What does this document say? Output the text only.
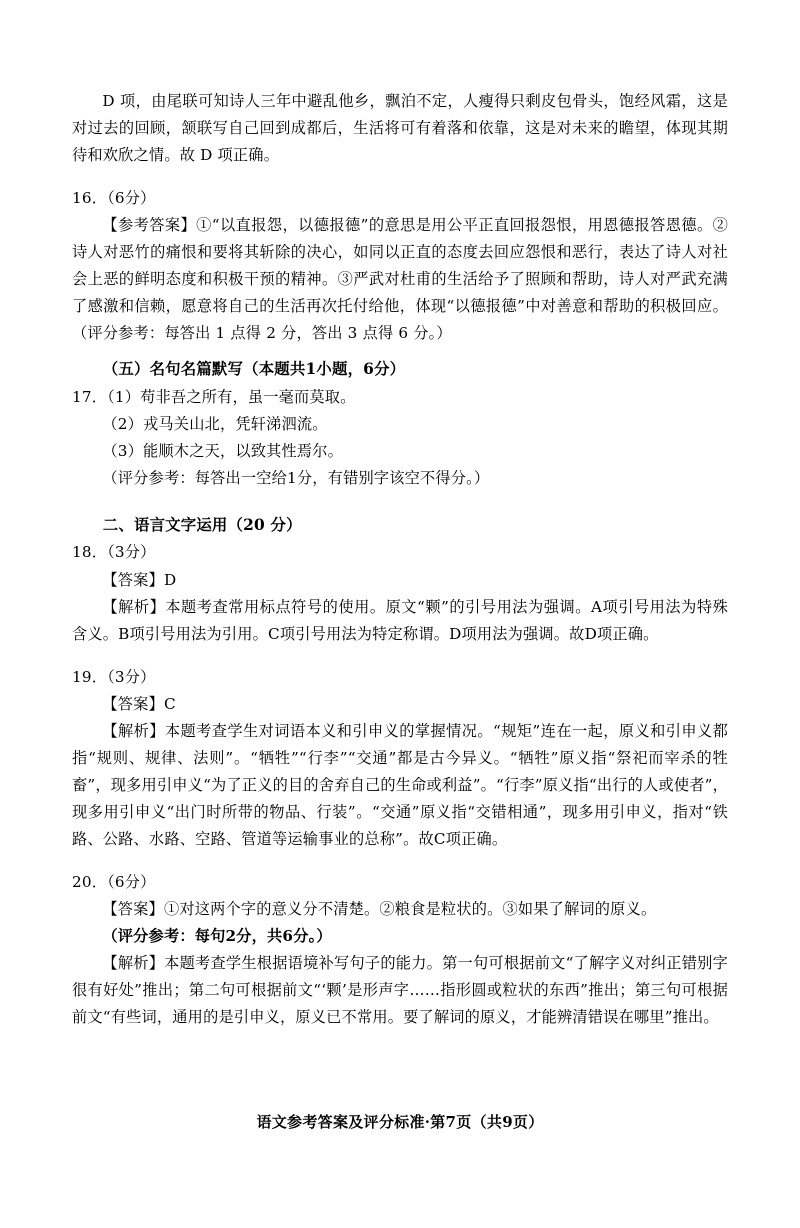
D 项，由尾联可知诗人三年中避乱他乡，飘泊不定，人瘦得只剩皮包骨头，饱经风霜，这是对过去的回顾，颔联写自己回到成都后，生活将可有着落和依靠，这是对未来的瞻望，体现其期待和欢欣之情。故 D 项正确。

16．（6分）

【参考答案】①“以直报怨，以德报德”的意思是用公平正直回报怨恨，用恩德报答恩德。②诗人对恶竹的痛恨和要将其斩除的决心，如同以正直的态度去回应怨恨和恶行，表达了诗人对社会上恶的鲜明态度和积极干预的精神。③严武对杜甫的生活给予了照顾和帮助，诗人对严武充满了感激和信赖，愿意将自己的生活再次托付给他，体现“以德报德”中对善意和帮助的积极回应。（评分参考：每答出 1 点得 2 分，答出 3 点得 6 分。）

（五）名句名篇默写（本题共1小题，6分）

17．（1）苟非吾之所有，虽一毫而莫取。

（2）戎马关山北，凭轩涕泗流。

（3）能顺木之天，以致其性焉尔。

（评分参考：每答出一空给1分，有错别字该空不得分。）

二、语言文字运用（20 分）

18．（3分）

【答案】D

【解析】本题考查常用标点符号的使用。原文“颗”的引号用法为强调。A项引号用法为特殊含义。B项引号用法为引用。C项引号用法为特定称谓。D项用法为强调。故D项正确。

19．（3分）

【答案】C

【解析】本题考查学生对词语本义和引申义的掌握情况。“规矩”连在一起，原义和引申义都指“规则、规律、法则”。“牺牲”“行李”“交通”都是古今异义。“牺牲”原义指“祭祀而宰杀的牲畜”，现多用引申义“为了正义的目的舍弃自己的生命或利益”。“行李”原义指“出行的人或使者”，现多用引申义“出门时所带的物品、行装”。“交通”原义指“交错相通”，现多用引申义，指对“铁路、公路、水路、空路、管道等运输事业的总称”。故C项正确。

20．（6分）

【答案】①对这两个字的意义分不清楚。②粮食是粒状的。③如果了解词的原义。

（评分参考：每句2分，共6分。）

【解析】本题考查学生根据语境补写句子的能力。第一句可根据前文“了解字义对纠正错别字很有好处”推出；第二句可根据前文“‘颗’是形声字……指形圆或粒状的东西”推出；第三句可根据前文“有些词，通用的是引申义，原义已不常用。要了解词的原义，才能辨清错误在哪里”推出。

语文参考答案及评分标准·第7页（共9页）
